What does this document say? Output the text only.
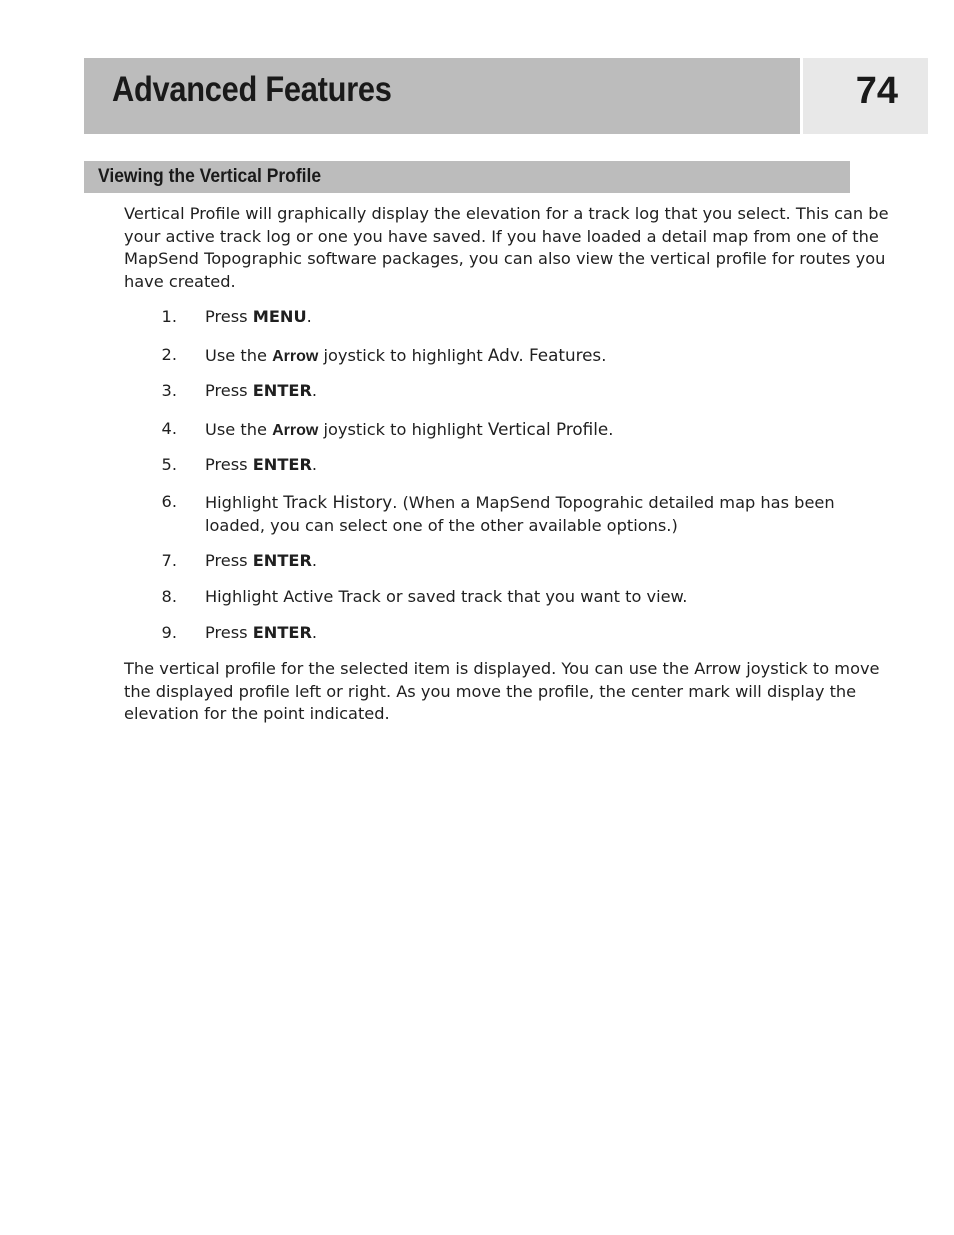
Advanced Features	74
Viewing the Vertical Profile

Vertical Profile will graphically display the elevation for a track log that you select. This can be your active track log or one you have saved. If you have loaded a detail map from one of the MapSend Topographic software packages, you can also view the vertical profile for routes you have created.

1. Press MENU.
2. Use the Arrow joystick to highlight Adv. Features.
3. Press ENTER.
4. Use the Arrow joystick to highlight Vertical Profile.
5. Press ENTER.
6. Highlight Track History. (When a MapSend Topograhic detailed map has been loaded, you can select one of the other available options.)
7. Press ENTER.
8. Highlight Active Track or saved track that you want to view.
9. Press ENTER.

The vertical profile for the selected item is displayed. You can use the Arrow joystick to move the displayed profile left or right. As you move the profile, the center mark will display the elevation for the point indicated.
